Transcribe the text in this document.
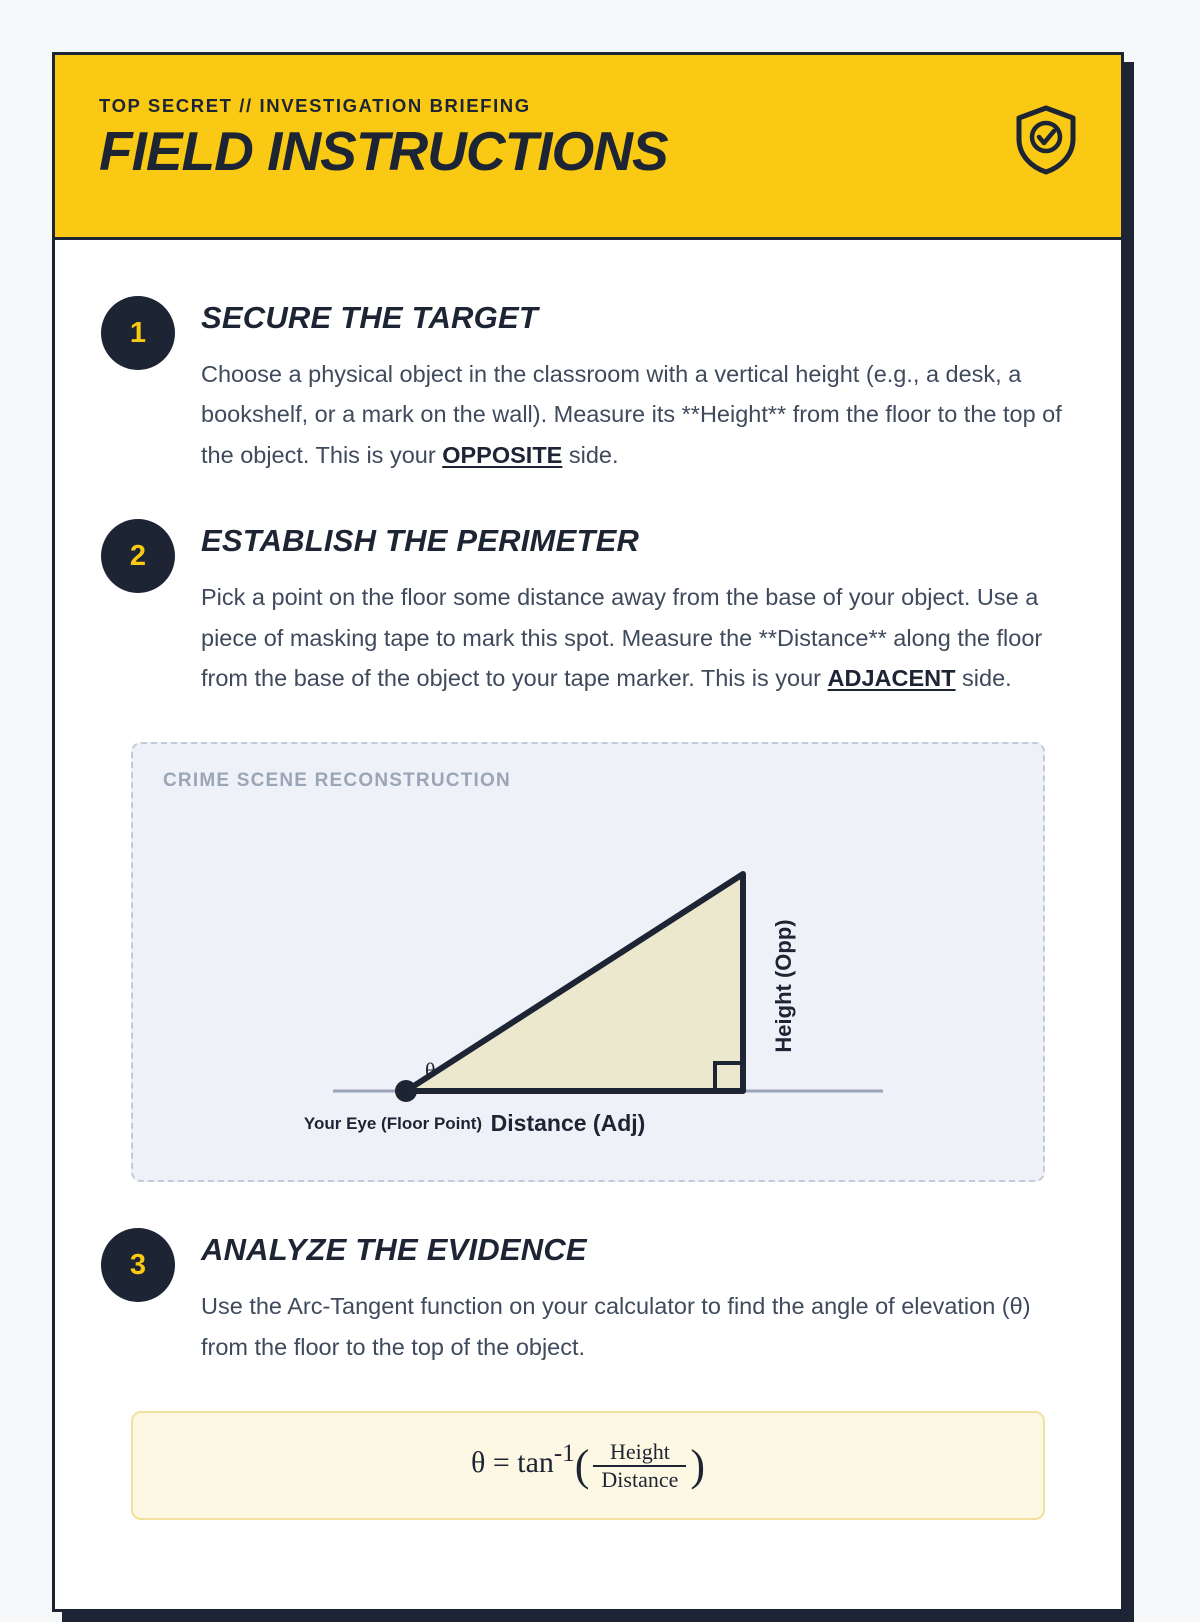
TOP SECRET // INVESTIGATION BRIEFING

FIELD INSTRUCTIONS
1	SECURE THE TARGET

Choose a physical object in the classroom with a vertical height (e.g., a desk, a bookshelf, or a mark on the wall). Measure its **Height** from the floor to the top of the object. This is your OPPOSITE side.

2	ESTABLISH THE PERIMETER

Pick a point on the floor some distance away from the base of your object. Use a piece of masking tape to mark this spot. Measure the **Distance** along the floor from the base of the object to your tape marker. This is your ADJACENT side.

CRIME SCENE RECONSTRUCTION

θ
Height (Opp)
Distance (Adj)
Your Eye (Floor Point)
3	ANALYZE THE EVIDENCE

Use the Arc-Tangent function on your calculator to find the angle of elevation (θ) from the floor to the top of the object.

$\theta = \tan^{-1}( \frac{\text{Height}}{\text{Distance}}$ )
